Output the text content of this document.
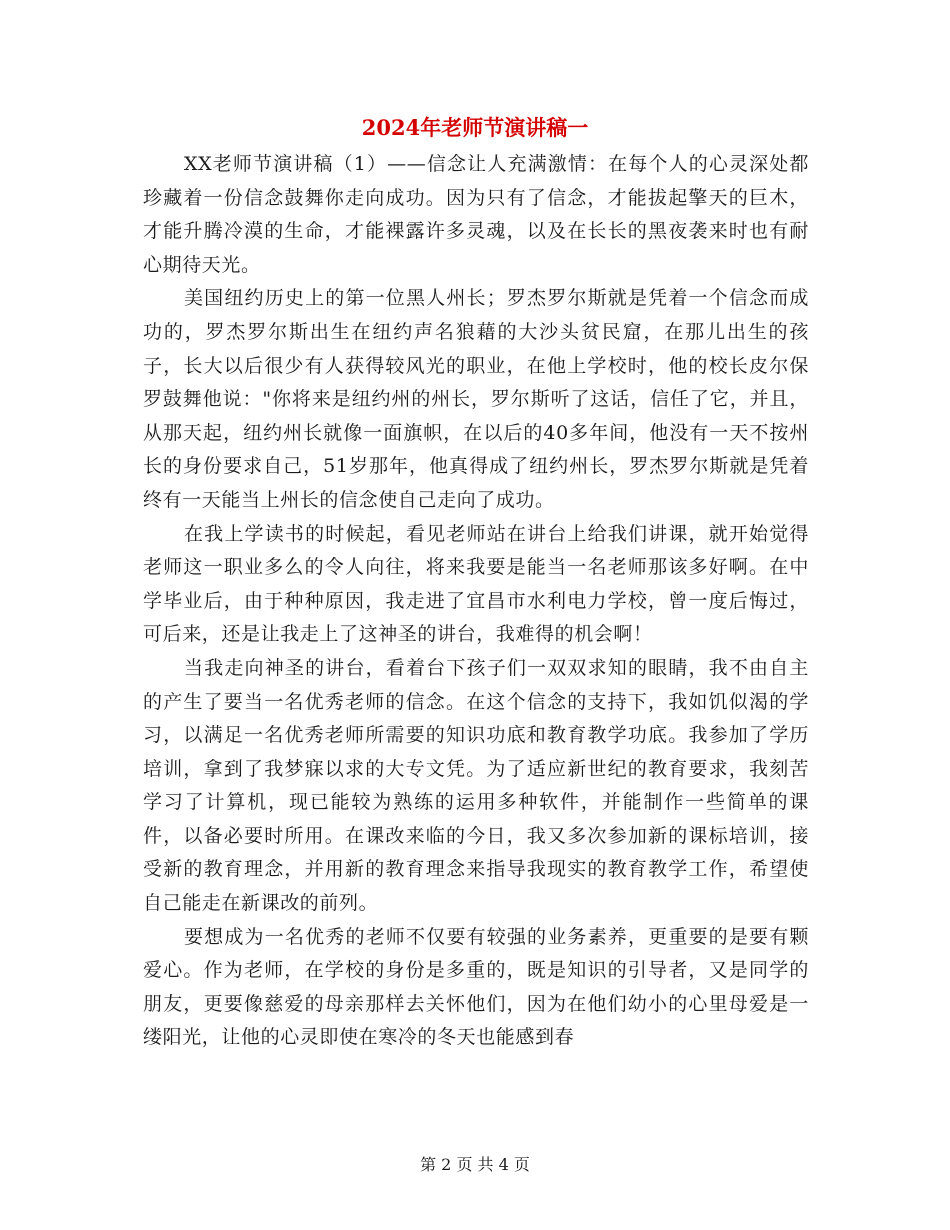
2024年老师节演讲稿一

XX老师节演讲稿（1）——信念让人充满激情：在每个人的心灵深处都珍藏着一份信念鼓舞你走向成功。因为只有了信念，才能拔起擎天的巨木，才能升腾冷漠的生命，才能裸露许多灵魂，以及在长长的黑夜袭来时也有耐心期待天光。

美国纽约历史上的第一位黑人州长；罗杰罗尔斯就是凭着一个信念而成功的，罗杰罗尔斯出生在纽约声名狼藉的大沙头贫民窟，在那儿出生的孩子，长大以后很少有人获得较风光的职业，在他上学校时，他的校长皮尔保罗鼓舞他说："你将来是纽约州的州长，罗尔斯听了这话，信任了它，并且，从那天起，纽约州长就像一面旗帜，在以后的40多年间，他没有一天不按州长的身份要求自己，51岁那年，他真得成了纽约州长，罗杰罗尔斯就是凭着终有一天能当上州长的信念使自己走向了成功。

在我上学读书的时候起，看见老师站在讲台上给我们讲课，就开始觉得老师这一职业多么的令人向往，将来我要是能当一名老师那该多好啊。在中学毕业后，由于种种原因，我走进了宜昌市水利电力学校，曾一度后悔过，可后来，还是让我走上了这神圣的讲台，我难得的机会啊！

当我走向神圣的讲台，看着台下孩子们一双双求知的眼睛，我不由自主的产生了要当一名优秀老师的信念。在这个信念的支持下，我如饥似渴的学习，以满足一名优秀老师所需要的知识功底和教育教学功底。我参加了学历培训，拿到了我梦寐以求的大专文凭。为了适应新世纪的教育要求，我刻苦学习了计算机，现已能较为熟练的运用多种软件，并能制作一些简单的课件，以备必要时所用。在课改来临的今日，我又多次参加新的课标培训，接受新的教育理念，并用新的教育理念来指导我现实的教育教学工作，希望使自己能走在新课改的前列。

要想成为一名优秀的老师不仅要有较强的业务素养，更重要的是要有颗爱心。作为老师，在学校的身份是多重的，既是知识的引导者，又是同学的朋友，更要像慈爱的母亲那样去关怀他们，因为在他们幼小的心里母爱是一缕阳光，让他的心灵即使在寒冷的冬天也能感到春

第 2 页 共 4 页
